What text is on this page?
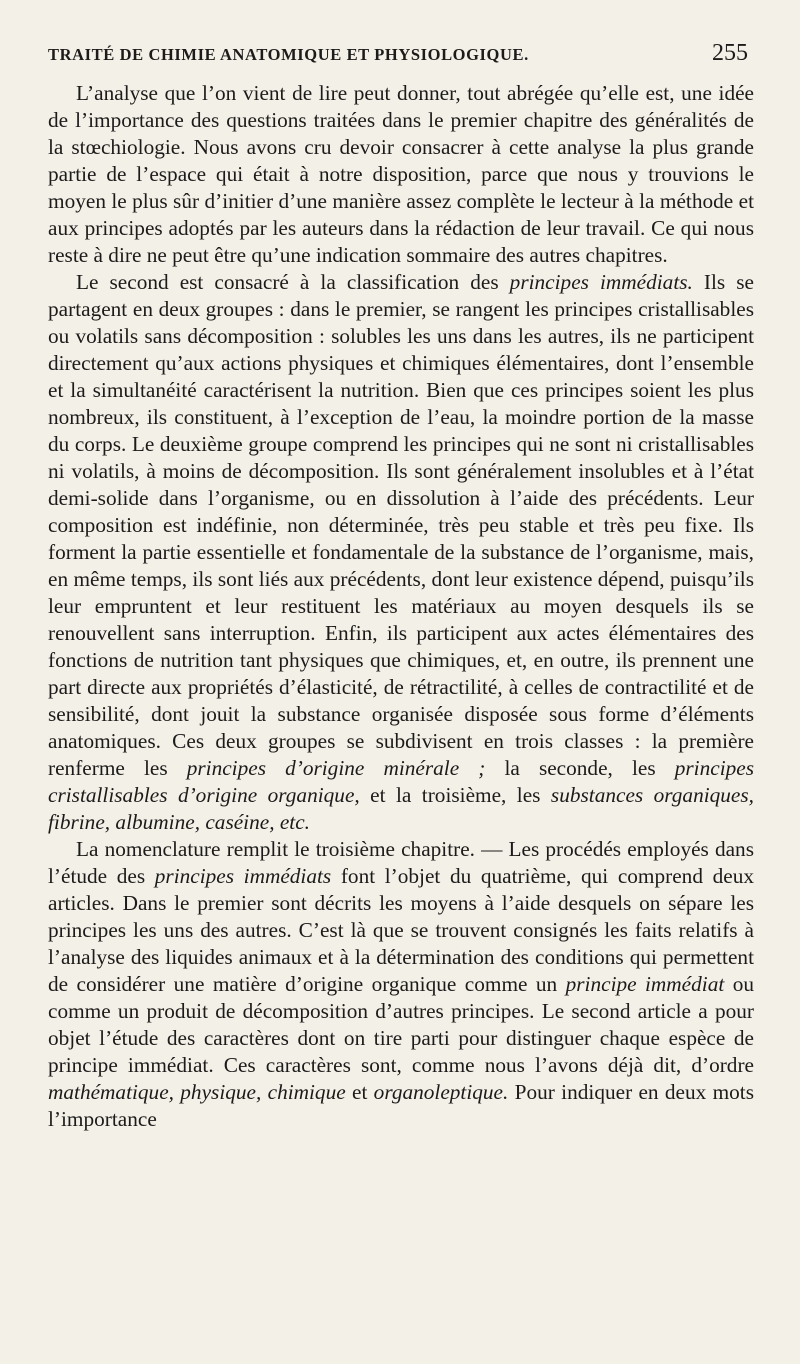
TRAITÉ DE CHIMIE ANATOMIQUE ET PHYSIOLOGIQUE.	255

L’analyse que l’on vient de lire peut donner, tout abrégée qu’elle est, une idée de l’importance des questions traitées dans le premier chapitre des généralités de la stœchiologie. Nous avons cru devoir consacrer à cette analyse la plus grande partie de l’espace qui était à notre disposition, parce que nous y trouvions le moyen le plus sûr d’initier d’une manière assez complète le lecteur à la méthode et aux principes adoptés par les auteurs dans la rédaction de leur travail. Ce qui nous reste à dire ne peut être qu’une indication sommaire des autres chapitres.

Le second est consacré à la classification des principes immédiats. Ils se partagent en deux groupes : dans le premier, se rangent les principes cristallisables ou volatils sans décomposition : solubles les uns dans les autres, ils ne participent directement qu’aux actions physiques et chimiques élémentaires, dont l’ensemble et la simultanéité caractérisent la nutrition. Bien que ces principes soient les plus nombreux, ils constituent, à l’exception de l’eau, la moindre portion de la masse du corps. Le deuxième groupe comprend les principes qui ne sont ni cristallisables ni volatils, à moins de décomposition. Ils sont généralement insolubles et à l’état demi-solide dans l’organisme, ou en dissolution à l’aide des précédents. Leur composition est indéfinie, non déterminée, très peu stable et très peu fixe. Ils forment la partie essentielle et fondamentale de la substance de l’organisme, mais, en même temps, ils sont liés aux précédents, dont leur existence dépend, puisqu’ils leur empruntent et leur restituent les matériaux au moyen desquels ils se renouvellent sans interruption. Enfin, ils participent aux actes élémentaires des fonctions de nutrition tant physiques que chimiques, et, en outre, ils prennent une part directe aux propriétés d’élasticité, de rétractilité, à celles de contractilité et de sensibilité, dont jouit la substance organisée disposée sous forme d’éléments anatomiques. Ces deux groupes se subdivisent en trois classes : la première renferme les principes d’origine minérale ; la seconde, les principes cristallisables d’origine organique, et la troisième, les substances organiques, fibrine, albumine, caséine, etc.

La nomenclature remplit le troisième chapitre. — Les procédés employés dans l’étude des principes immédiats font l’objet du quatrième, qui comprend deux articles. Dans le premier sont décrits les moyens à l’aide desquels on sépare les principes les uns des autres. C’est là que se trouvent consignés les faits relatifs à l’analyse des liquides animaux et à la détermination des conditions qui permettent de considérer une matière d’origine organique comme un principe immédiat ou comme un produit de décomposition d’autres principes. Le second article a pour objet l’étude des caractères dont on tire parti pour distinguer chaque espèce de principe immédiat. Ces caractères sont, comme nous l’avons déjà dit, d’ordre mathématique, physique, chimique et organoleptique. Pour indiquer en deux mots l’importance
